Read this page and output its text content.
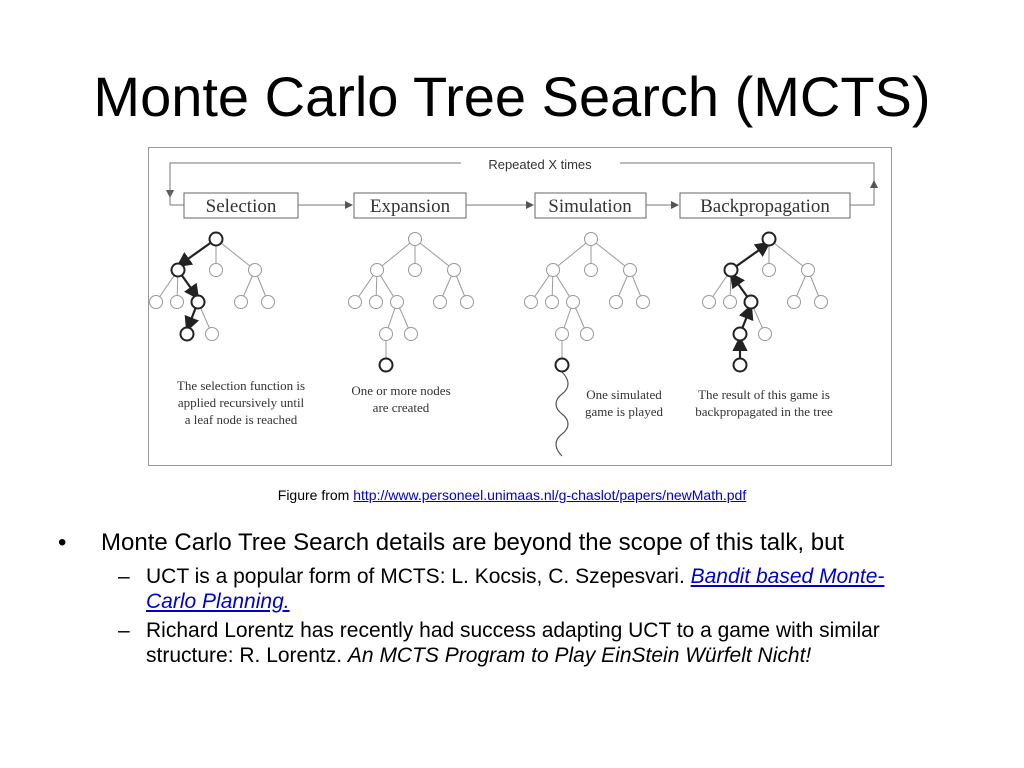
Monte Carlo Tree Search (MCTS)
Repeated X times
Selection	Expansion	Simulation	Backpropagation
The selection function is
applied recursively until
a leaf node is reached
One or more nodes
are created
One simulated
game is played
The result of this game is
backpropagated in the tree
Figure from http://www.personeel.unimaas.nl/g-chaslot/papers/newMath.pdf
•	Monte Carlo Tree Search details are beyond the scope of this talk, but
– UCT is a popular form of MCTS: L. Kocsis, C. Szepesvari. Bandit based Monte-
Carlo Planning.
– Richard Lorentz has recently had success adapting UCT to a game with similar
structure: R. Lorentz. An MCTS Program to Play EinStein Würfelt Nicht!
